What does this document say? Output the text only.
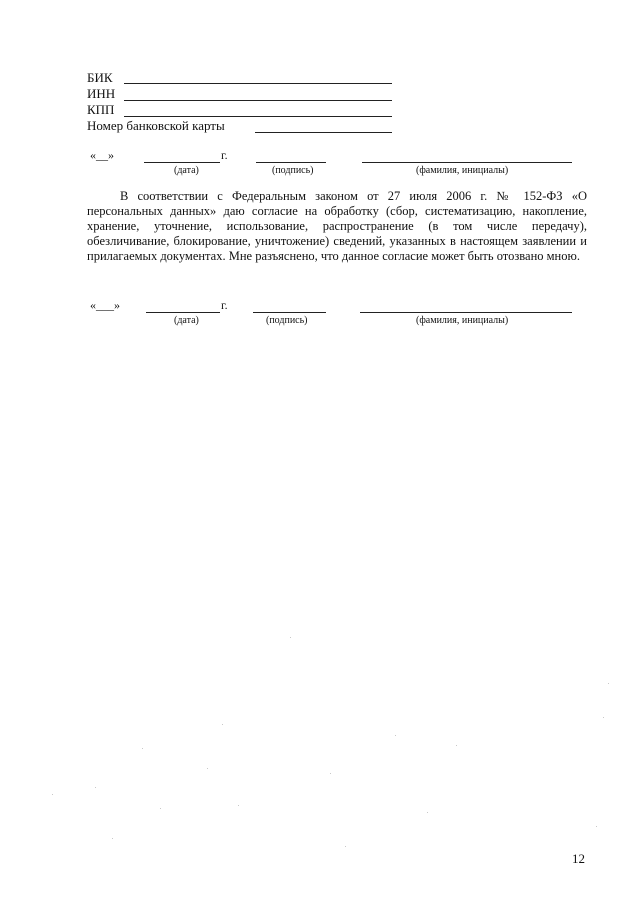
БИК
ИНН
КПП
Номер банковской карты
«__»	г.
(дата)	(подпись)	(фамилия, инициалы)

В соответствии с Федеральным законом от 27 июля 2006 г. № 152-ФЗ «О персональных данных» даю согласие на обработку (сбор, систематизацию, накопление, хранение, уточнение, использование, распространение (в том числе передачу), обезличивание, блокирование, уничтожение) сведений, указанных в настоящем заявлении и прилагаемых документах. Мне разъяснено, что данное согласие может быть отозвано мною.

«___»	г.
(дата)	(подпись)	(фамилия, инициалы)
12
